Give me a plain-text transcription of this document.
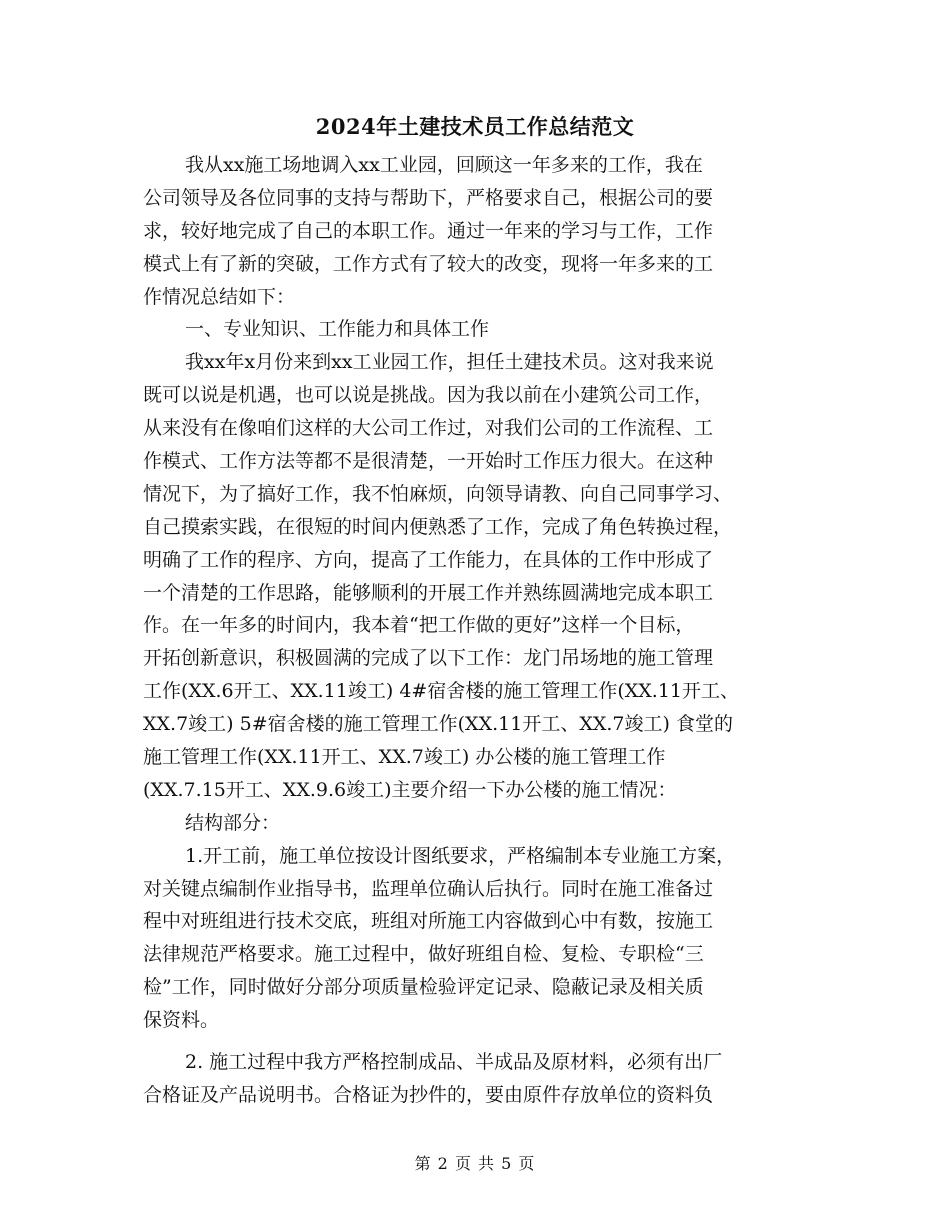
2024年土建技术员工作总结范文
我从xx施工场地调入xx工业园，回顾这一年多来的工作，我在
公司领导及各位同事的支持与帮助下，严格要求自己，根据公司的要
求，较好地完成了自己的本职工作。通过一年来的学习与工作，工作
模式上有了新的突破，工作方式有了较大的改变，现将一年多来的工
作情况总结如下：
一、专业知识、工作能力和具体工作
我xx年x月份来到xx工业园工作，担任土建技术员。这对我来说
既可以说是机遇，也可以说是挑战。因为我以前在小建筑公司工作，
从来没有在像咱们这样的大公司工作过，对我们公司的工作流程、工
作模式、工作方法等都不是很清楚，一开始时工作压力很大。在这种
情况下，为了搞好工作，我不怕麻烦，向领导请教、向自己同事学习、
自己摸索实践，在很短的时间内便熟悉了工作，完成了角色转换过程，
明确了工作的程序、方向，提高了工作能力，在具体的工作中形成了
一个清楚的工作思路，能够顺利的开展工作并熟练圆满地完成本职工
作。在一年多的时间内，我本着“把工作做的更好”这样一个目标，
开拓创新意识，积极圆满的完成了以下工作：龙门吊场地的施工管理
工作(XX.6开工、XX.11竣工) 4#宿舍楼的施工管理工作(XX.11开工、
XX.7竣工) 5#宿舍楼的施工管理工作(XX.11开工、XX.7竣工) 食堂的
施工管理工作(XX.11开工、XX.7竣工) 办公楼的施工管理工作
(XX.7.15开工、XX.9.6竣工)主要介绍一下办公楼的施工情况：
结构部分：
1.开工前，施工单位按设计图纸要求，严格编制本专业施工方案，
对关键点编制作业指导书，监理单位确认后执行。同时在施工准备过
程中对班组进行技术交底，班组对所施工内容做到心中有数，按施工
法律规范严格要求。施工过程中，做好班组自检、复检、专职检“三
检”工作，同时做好分部分项质量检验评定记录、隐蔽记录及相关质
保资料。
2. 施工过程中我方严格控制成品、半成品及原材料，必须有出厂
合格证及产品说明书。合格证为抄件的，要由原件存放单位的资料负
第 2 页 共 5 页
